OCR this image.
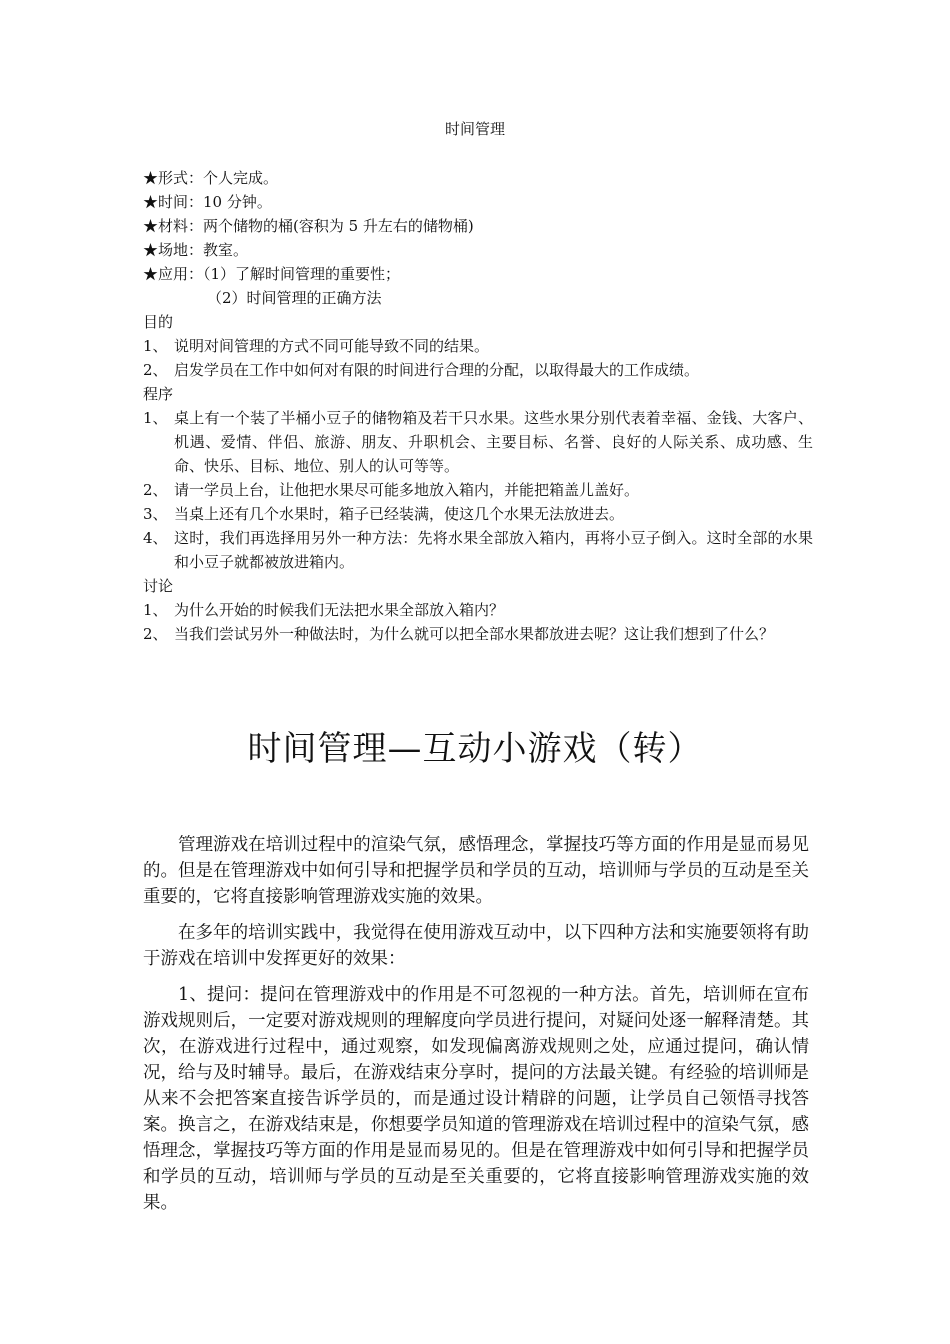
时间管理
★形式：个人完成。
★时间：10 分钟。
★材料：两个储物的桶(容积为 5 升左右的储物桶)
★场地：教室。
★应用：（1）了解时间管理的重要性；
（2）时间管理的正确方法
目的
1、 说明对间管理的方式不同可能导致不同的结果。
2、 启发学员在工作中如何对有限的时间进行合理的分配，以取得最大的工作成绩。
程序
1、 桌上有一个装了半桶小豆子的储物箱及若干只水果。这些水果分别代表着幸福、金钱、大客户、机遇、爱情、伴侣、旅游、朋友、升职机会、主要目标、名誉、良好的人际关系、成功感、生命、快乐、目标、地位、别人的认可等等。
2、 请一学员上台，让他把水果尽可能多地放入箱内，并能把箱盖儿盖好。
3、 当桌上还有几个水果时，箱子已经装满，使这几个水果无法放进去。
4、 这时，我们再选择用另外一种方法：先将水果全部放入箱内，再将小豆子倒入。这时全部的水果和小豆子就都被放进箱内。
讨论
1、 为什么开始的时候我们无法把水果全部放入箱内？
2、 当我们尝试另外一种做法时，为什么就可以把全部水果都放进去呢？这让我们想到了什么？
时间管理—互动小游戏（转）

管理游戏在培训过程中的渲染气氛，感悟理念，掌握技巧等方面的作用是显而易见的。但是在管理游戏中如何引导和把握学员和学员的互动，培训师与学员的互动是至关重要的，它将直接影响管理游戏实施的效果。

在多年的培训实践中，我觉得在使用游戏互动中，以下四种方法和实施要领将有助于游戏在培训中发挥更好的效果：

1、提问：提问在管理游戏中的作用是不可忽视的一种方法。首先，培训师在宣布游戏规则后，一定要对游戏规则的理解度向学员进行提问，对疑问处逐一解释清楚。其次，在游戏进行过程中，通过观察，如发现偏离游戏规则之处，应通过提问，确认情况，给与及时辅导。最后，在游戏结束分享时，提问的方法最关键。有经验的培训师是从来不会把答案直接告诉学员的，而是通过设计精辟的问题，让学员自己领悟寻找答案。换言之，在游戏结束是，你想要学员知道的管理游戏在培训过程中的渲染气氛，感悟理念，掌握技巧等方面的作用是显而易见的。但是在管理游戏中如何引导和把握学员和学员的互动，培训师与学员的互动是至关重要的，它将直接影响管理游戏实施的效果。
